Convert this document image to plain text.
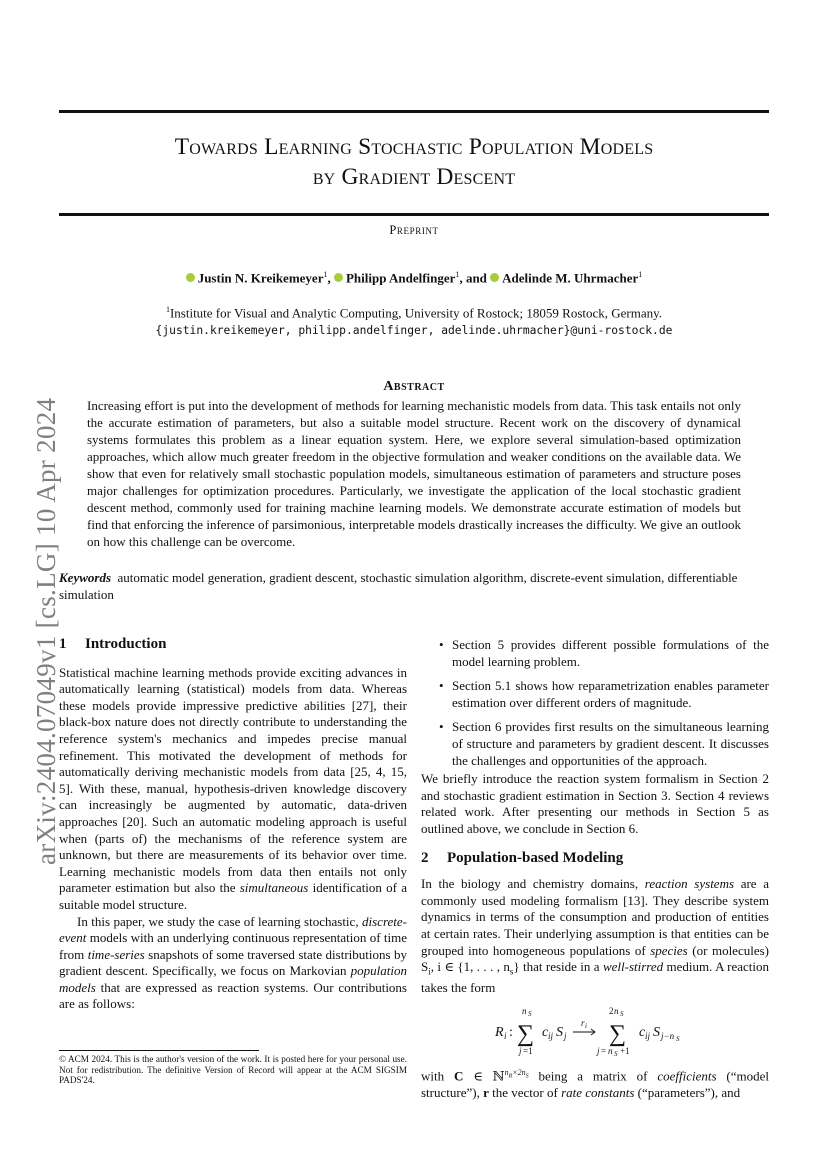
Towards Learning Stochastic Population Models
by Gradient Descent
Preprint
Justin N. Kreikemeyer$^1$, Philipp Andelfinger$^1$, and Adelinde M. Uhrmacher$^1$
$^1$Institute for Visual and Analytic Computing, University of Rostock; 18059 Rostock, Germany.
{justin.kreikemeyer, philipp.andelfinger, adelinde.uhrmacher}@uni-rostock.de
arXiv:2404.07049v1 [cs.LG] 10 Apr 2024
Abstract
Increasing effort is put into the development of methods for learning mechanistic models from data. This task entails not only the accurate estimation of parameters, but also a suitable model structure. Recent work on the discovery of dynamical systems formulates this problem as a linear equation system. Here, we explore several simulation-based optimization approaches, which allow much greater freedom in the objective formulation and weaker conditions on the available data. We show that even for relatively small stochastic population models, simultaneous estimation of parameters and structure poses major challenges for optimization procedures. Particularly, we investigate the application of the local stochastic gradient descent method, commonly used for training machine learning models. We demonstrate accurate estimation of models but find that enforcing the inference of parsimonious, interpretable models drastically increases the difficulty. We give an outlook on how this challenge can be overcome.
Keywords automatic model generation, gradient descent, stochastic simulation algorithm, discrete-event simulation, differentiable simulation
1 Introduction

Statistical machine learning methods provide exciting advances in automatically learning (statistical) models from data. Whereas these models provide impressive predictive abilities [27], their black-box nature does not directly contribute to understanding the reference system's mechanics and impedes precise manual refinement. This motivated the development of methods for automatically deriving mechanistic models from data [25, 4, 15, 5]. With these, manual, hypothesis-driven knowledge discovery can increasingly be augmented by automatic, data-driven approaches [20]. Such an automatic modeling approach is useful when (parts of) the mechanisms of the reference system are unknown, but there are measurements of its behavior over time. Learning mechanistic models from data then entails not only parameter estimation but also the simultaneous identification of a suitable model structure.

In this paper, we study the case of learning stochastic, discrete-event models with an underlying continuous representation of time from time-series snapshots of some traversed state distributions by gradient descent. Specifically, we focus on Markovian population models that are expressed as reaction systems. Our contributions are as follows:

• Section 5 provides different possible formulations of the model learning problem.
• Section 5.1 shows how reparametrization enables parameter estimation over different orders of magnitude.
• Section 6 provides first results on the simultaneous learning of structure and parameters by gradient descent. It discusses the challenges and opportunities of the approach.

We briefly introduce the reaction system formalism in Section 2 and stochastic gradient estimation in Section 3. Section 4 reviews related work. After presenting our methods in Section 5 as outlined above, we conclude in Section 6.

2 Population-based Modeling

In the biology and chemistry domains, reaction systems are a commonly used modeling formalism [13]. They describe system dynamics in terms of the consumption and production of entities at certain rates. Their underlying assumption is that entities can be grouped into homogeneous populations of species (or molecules) $S_i$, i ∈ {1, . . . , $n_s$} that reside in a well-stirred medium. A reaction takes the form

R i : ∑
n S
j =1
c ij S j
r i ∑
2 n S
j = n S +1
c ij S j−n S

with C ∈ ℕ$^{n_R\times 2n_S}$ being a matrix of coefficients (“model structure”), r the vector of rate constants (“parameters”), and

© ACM 2024. This is the author's version of the work. It is posted here for your personal use. Not for redistribution. The definitive Version of Record will appear at the ACM SIGSIM PADS'24.
